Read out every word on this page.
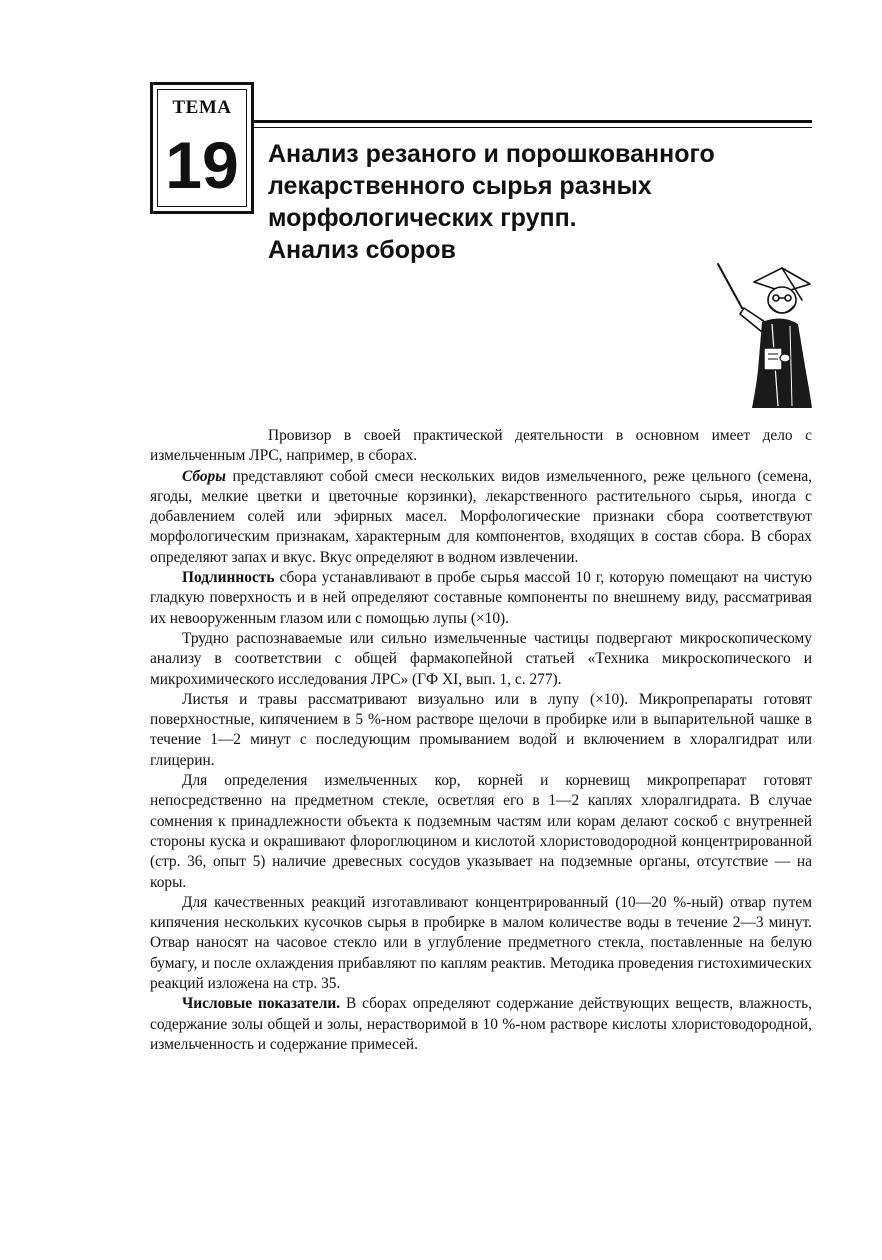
ТЕМА
19	Анализ резаного и порошкованного
лекарственного сырья разных
морфологических групп.
Анализ сборов

Провизор в своей практической деятельности в основном имеет дело с измельченным ЛРС, например, в сборах.

Сборы представляют собой смеси нескольких видов измельченного, реже цельного (семена, ягоды, мелкие цветки и цветочные корзинки), лекарственного растительного сырья, иногда с добавлением солей или эфирных масел. Морфологические признаки сбора соответствуют морфологическим признакам, характерным для компонентов, входящих в состав сбора. В сборах определяют запах и вкус. Вкус определяют в водном извлечении.

Подлинность сбора устанавливают в пробе сырья массой 10 г, которую помещают на чистую гладкую поверхность и в ней определяют составные компоненты по внешнему виду, рассматривая их невооруженным глазом или с помощью лупы (×10).

Трудно распознаваемые или сильно измельченные частицы подвергают микроскопическому анализу в соответствии с общей фармакопейной статьей «Техника микроскопического и микрохимического исследования ЛРС» (ГФ XI, вып. 1, с. 277).

Листья и травы рассматривают визуально или в лупу (×10). Микропрепараты готовят поверхностные, кипячением в 5 %-ном растворе щелочи в пробирке или в выпарительной чашке в течение 1—2 минут с последующим промыванием водой и включением в хлоралгидрат или глицерин.

Для определения измельченных кор, корней и корневищ микропрепарат готовят непосредственно на предметном стекле, осветляя его в 1—2 каплях хлоралгидрата. В случае сомнения к принадлежности объекта к подземным частям или корам делают соскоб с внутренней стороны куска и окрашивают флороглюцином и кислотой хлористоводородной концентрированной (стр. 36, опыт 5) наличие древесных сосудов указывает на подземные органы, отсутствие — на коры.

Для качественных реакций изготавливают концентрированный (10—20 %-ный) отвар путем кипячения нескольких кусочков сырья в пробирке в малом количестве воды в течение 2—3 минут. Отвар наносят на часовое стекло или в углубление предметного стекла, поставленные на белую бумагу, и после охлаждения прибавляют по каплям реактив. Методика проведения гистохимических реакций изложена на стр. 35.

Числовые показатели. В сборах определяют содержание действующих веществ, влажность, содержание золы общей и золы, нерастворимой в 10 %-ном растворе кислоты хлористоводородной, измельченность и содержание примесей.
